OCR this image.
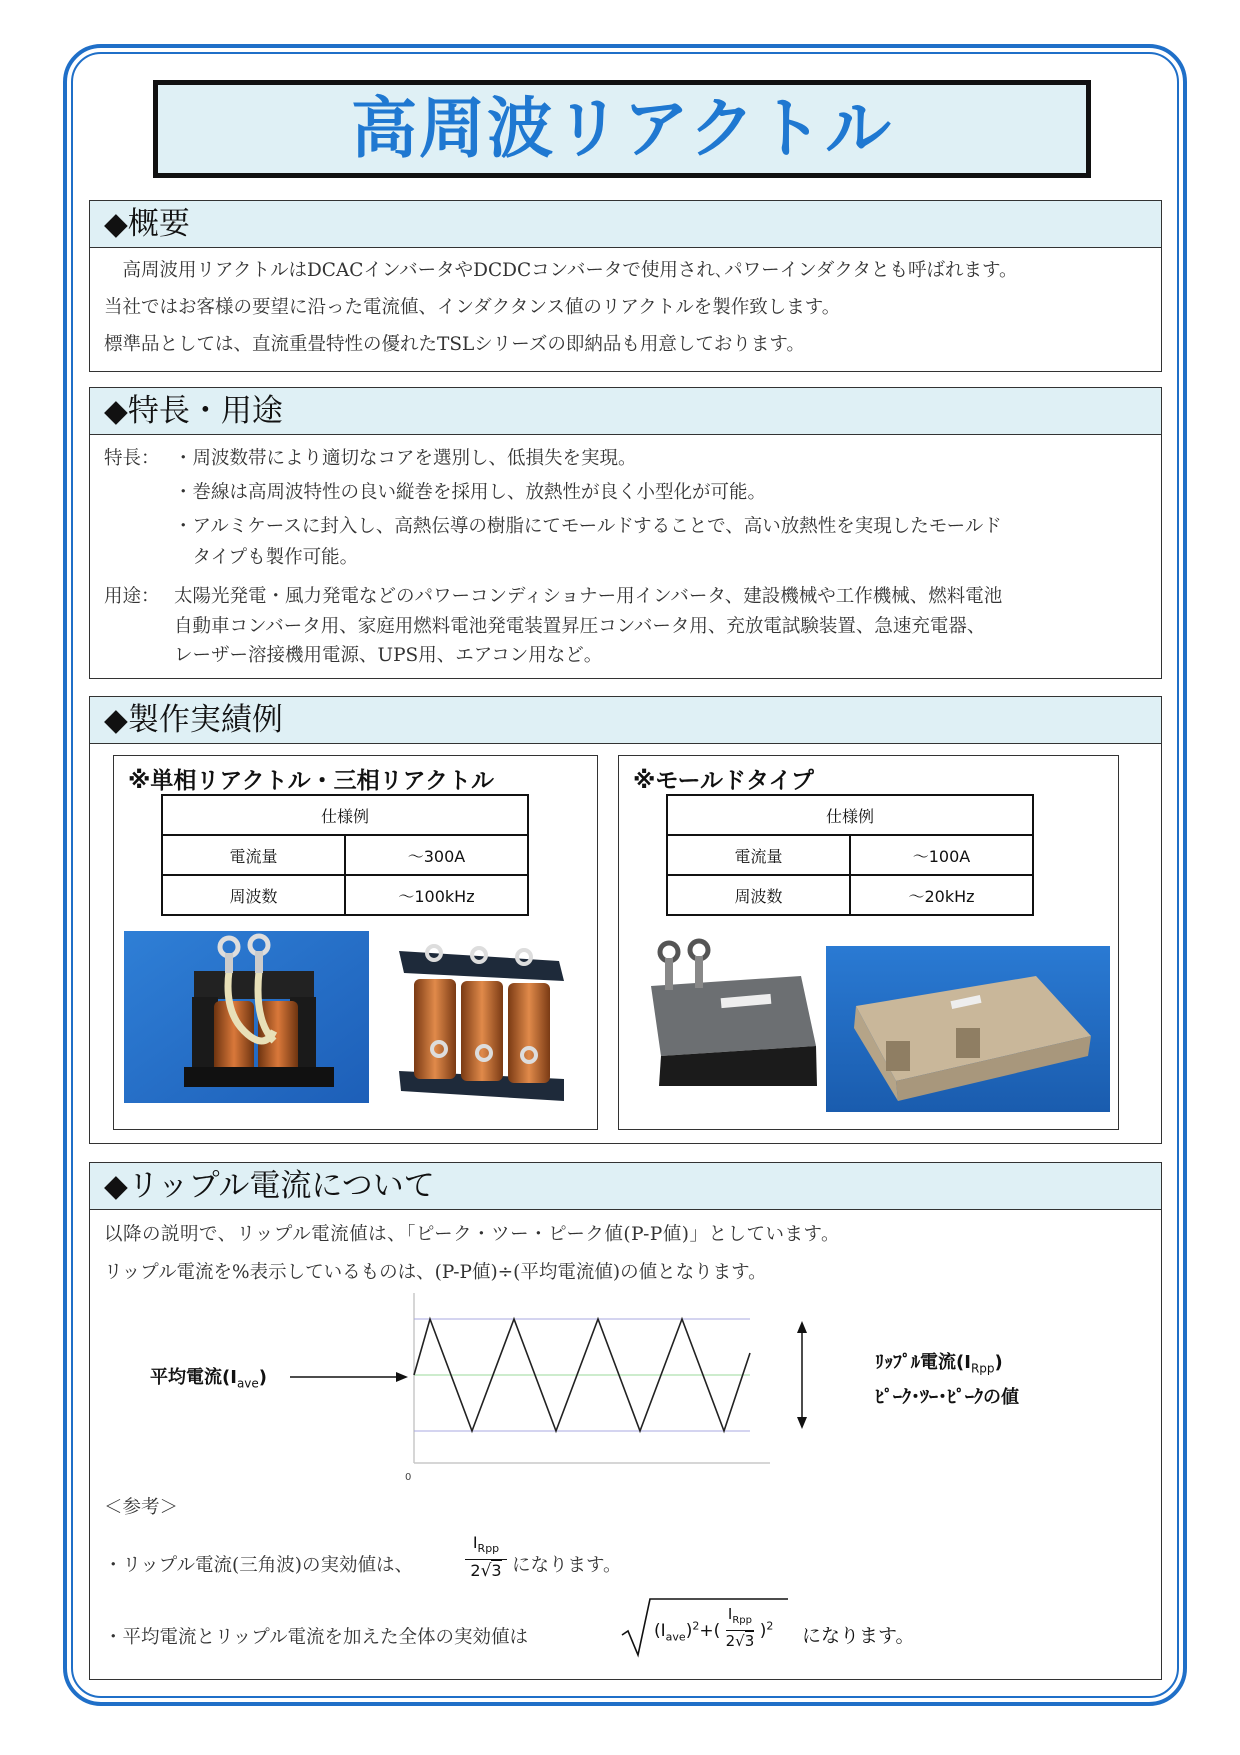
高周波リアクトル
◆概要
　高周波用リアクトルはDCACインバータやDCDCコンバータで使用され､パワーインダクタとも呼ばれます。
当社ではお客様の要望に沿った電流値、インダクタンス値のリアクトルを製作致します。
標準品としては、直流重畳特性の優れたTSLシリーズの即納品も用意しております。
◆特長・用途
特長： ・周波数帯により適切なコアを選別し、低損失を実現。
・巻線は高周波特性の良い縦巻を採用し、放熱性が良く小型化が可能。
・アルミケースに封入し、高熱伝導の樹脂にてモールドすることで、高い放熱性を実現したモールド
　タイプも製作可能。
用途： 太陽光発電・風力発電などのパワーコンディショナー用インバータ、建設機械や工作機械、燃料電池
自動車コンバータ用、家庭用燃料電池発電装置昇圧コンバータ用、充放電試験装置、急速充電器、
レーザー溶接機用電源、UPS用、エアコン用など。
◆製作実績例
※単相リアクトル・三相リアクトル
仕様例	
電流量	～300A
周波数	～100kHz
※モールドタイプ
仕様例	
電流量	～100A
周波数	～20kHz
◆リップル電流について
以降の説明で、リップル電流値は、「ピーク・ツー・ピーク値(P-P値)」としています。
リップル電流を%表示しているものは、(P-P値)÷(平均電流値)の値となります。
0
平均電流$(I_{ave})$
ﾘｯﾌﾟﾙ電流$(I_{Rpp})$
ﾋﾟｰｸ･ﾂｰ･ﾋﾟｰｸの値
＜参考＞
・リップル電流(三角波)の実効値は、
$I_{Rpp}$
2√3 になります。
・平均電流とリップル電流を加えた全体の実効値は	$(I_{ave})^2+$(
$I_{Rpp}$
2√3
)$^2$ になります。
